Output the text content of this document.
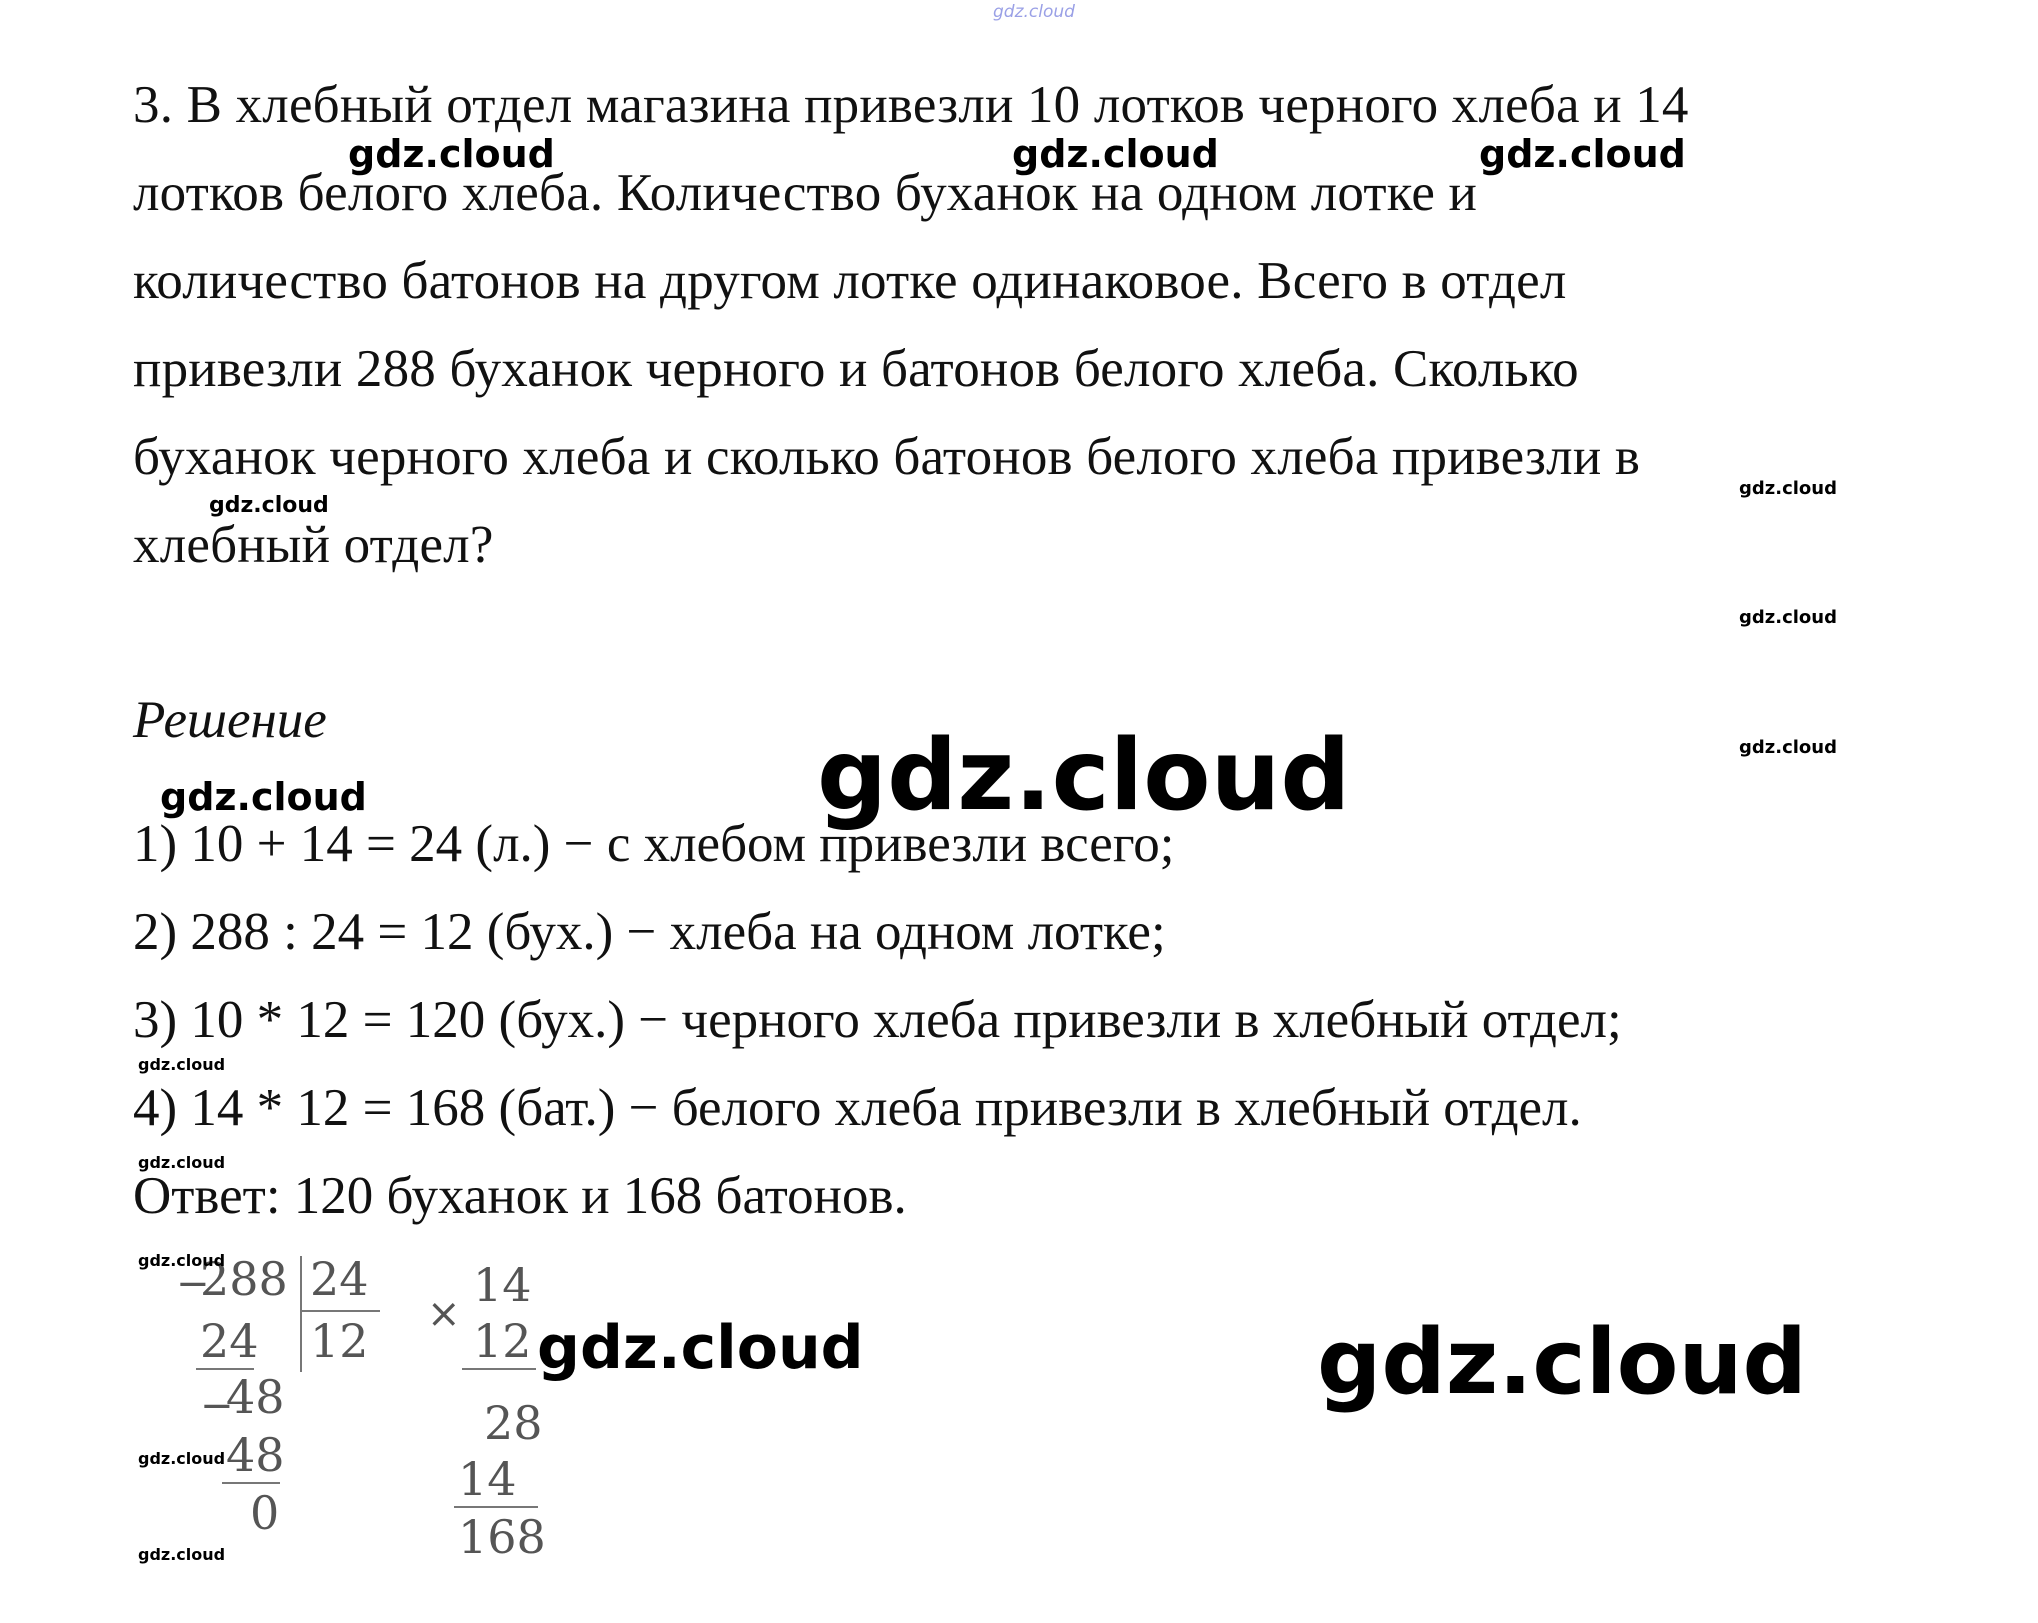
gdz.cloud
3. В хлебный отдел магазина привезли 10 лотков черного хлеба и 14
лотков белого хлеба. Количество буханок на одном лотке и
количество батонов на другом лотке одинаковое. Всего в отдел
привезли 288 буханок черного и батонов белого хлеба. Сколько
буханок черного хлеба и сколько батонов белого хлеба привезли в
хлебный отдел?
Решение
1) 10 + 14 = 24 (л.) − с хлебом привезли всего;
2) 288 : 24 = 12 (бух.) − хлеба на одном лотке;
3) 10 * 12 = 120 (бух.) − черного хлеба привезли в хлебный отдел;
4) 14 * 12 = 168 (бат.) − белого хлеба привезли в хлебный отдел.
Ответ: 120 буханок и 168 батонов.
−
288 24
12
24
−
48
48
0
14
× 12
28
14
168
gdz.cloud	gdz.cloud	gdz.cloud
gdz.cloud
gdz.cloud
gdz.cloud
gdz.cloud
gdz.cloud
gdz.cloud
gdz.cloud
gdz.cloud
gdz.cloud
gdz.cloud
gdz.cloud
gdz.cloud	gdz.cloud
